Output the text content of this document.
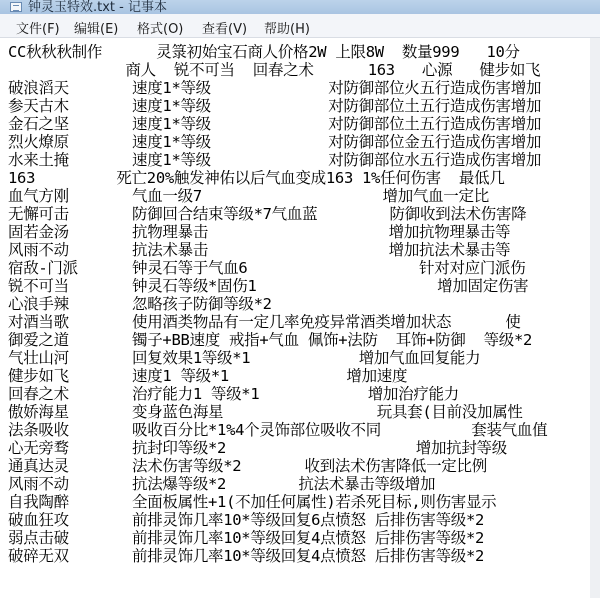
钟灵玉特效.txt - 记事本
文件(F) 编辑(E) 格式(O) 查看(V) 帮助(H)
CC秋秋秋制作      灵箓初始宝石商人价格2W 上限8W  数量999   10分
商人  锐不可当  回春之术      163   心源   健步如飞
破浪滔天       速度1*等级             对防御部位火五行造成伤害增加
参天古木       速度1*等级             对防御部位土五行造成伤害增加
金石之坚       速度1*等级             对防御部位土五行造成伤害增加
烈火燎原       速度1*等级             对防御部位金五行造成伤害增加
水来土掩       速度1*等级             对防御部位水五行造成伤害增加
163         死亡20%触发神佑以后气血变成163 1%任何伤害  最低几
血气方刚       气血一级7                    增加气血一定比
无懈可击       防御回合结束等级*7气血蓝        防御收到法术伤害降
固若金汤       抗物理暴击                    增加抗物理暴击等
风雨不动       抗法术暴击                    增加抗法术暴击等
宿敌-门派      钟灵石等于气血6                   针对对应门派伤
锐不可当       钟灵石等级*固伤1                    增加固定伤害
心浪手辣       忽略孩子防御等级*2
对酒当歌       使用酒类物品有一定几率免疫异常酒类增加状态      使
御爱之道       镯子+BB速度 戒指+气血 佩饰+法防  耳饰+防御  等级*2
气壮山河       回复效果1等级*1            增加气血回复能力
健步如飞       速度1 等级*1             增加速度
回春之术       治疗能力1 等级*1            增加治疗能力
傲娇海星       变身蓝色海星                 玩具套(目前没加属性
法条吸收       吸收百分比*1%4个灵饰部位吸收不同          套装气血值
心无旁骛       抗封印等级*2                     增加抗封等级
通真达灵       法术伤害等级*2       收到法术伤害降低一定比例
风雨不动       抗法爆等级*2        抗法术暴击等级增加
自我陶醉       全面板属性+1(不加任何属性)若杀死目标,则伤害显示
破血狂攻       前排灵饰几率10*等级回复6点愤怒 后排伤害等级*2
弱点击破       前排灵饰几率10*等级回复4点愤怒 后排伤害等级*2
破碎无双       前排灵饰几率10*等级回复4点愤怒 后排伤害等级*2
